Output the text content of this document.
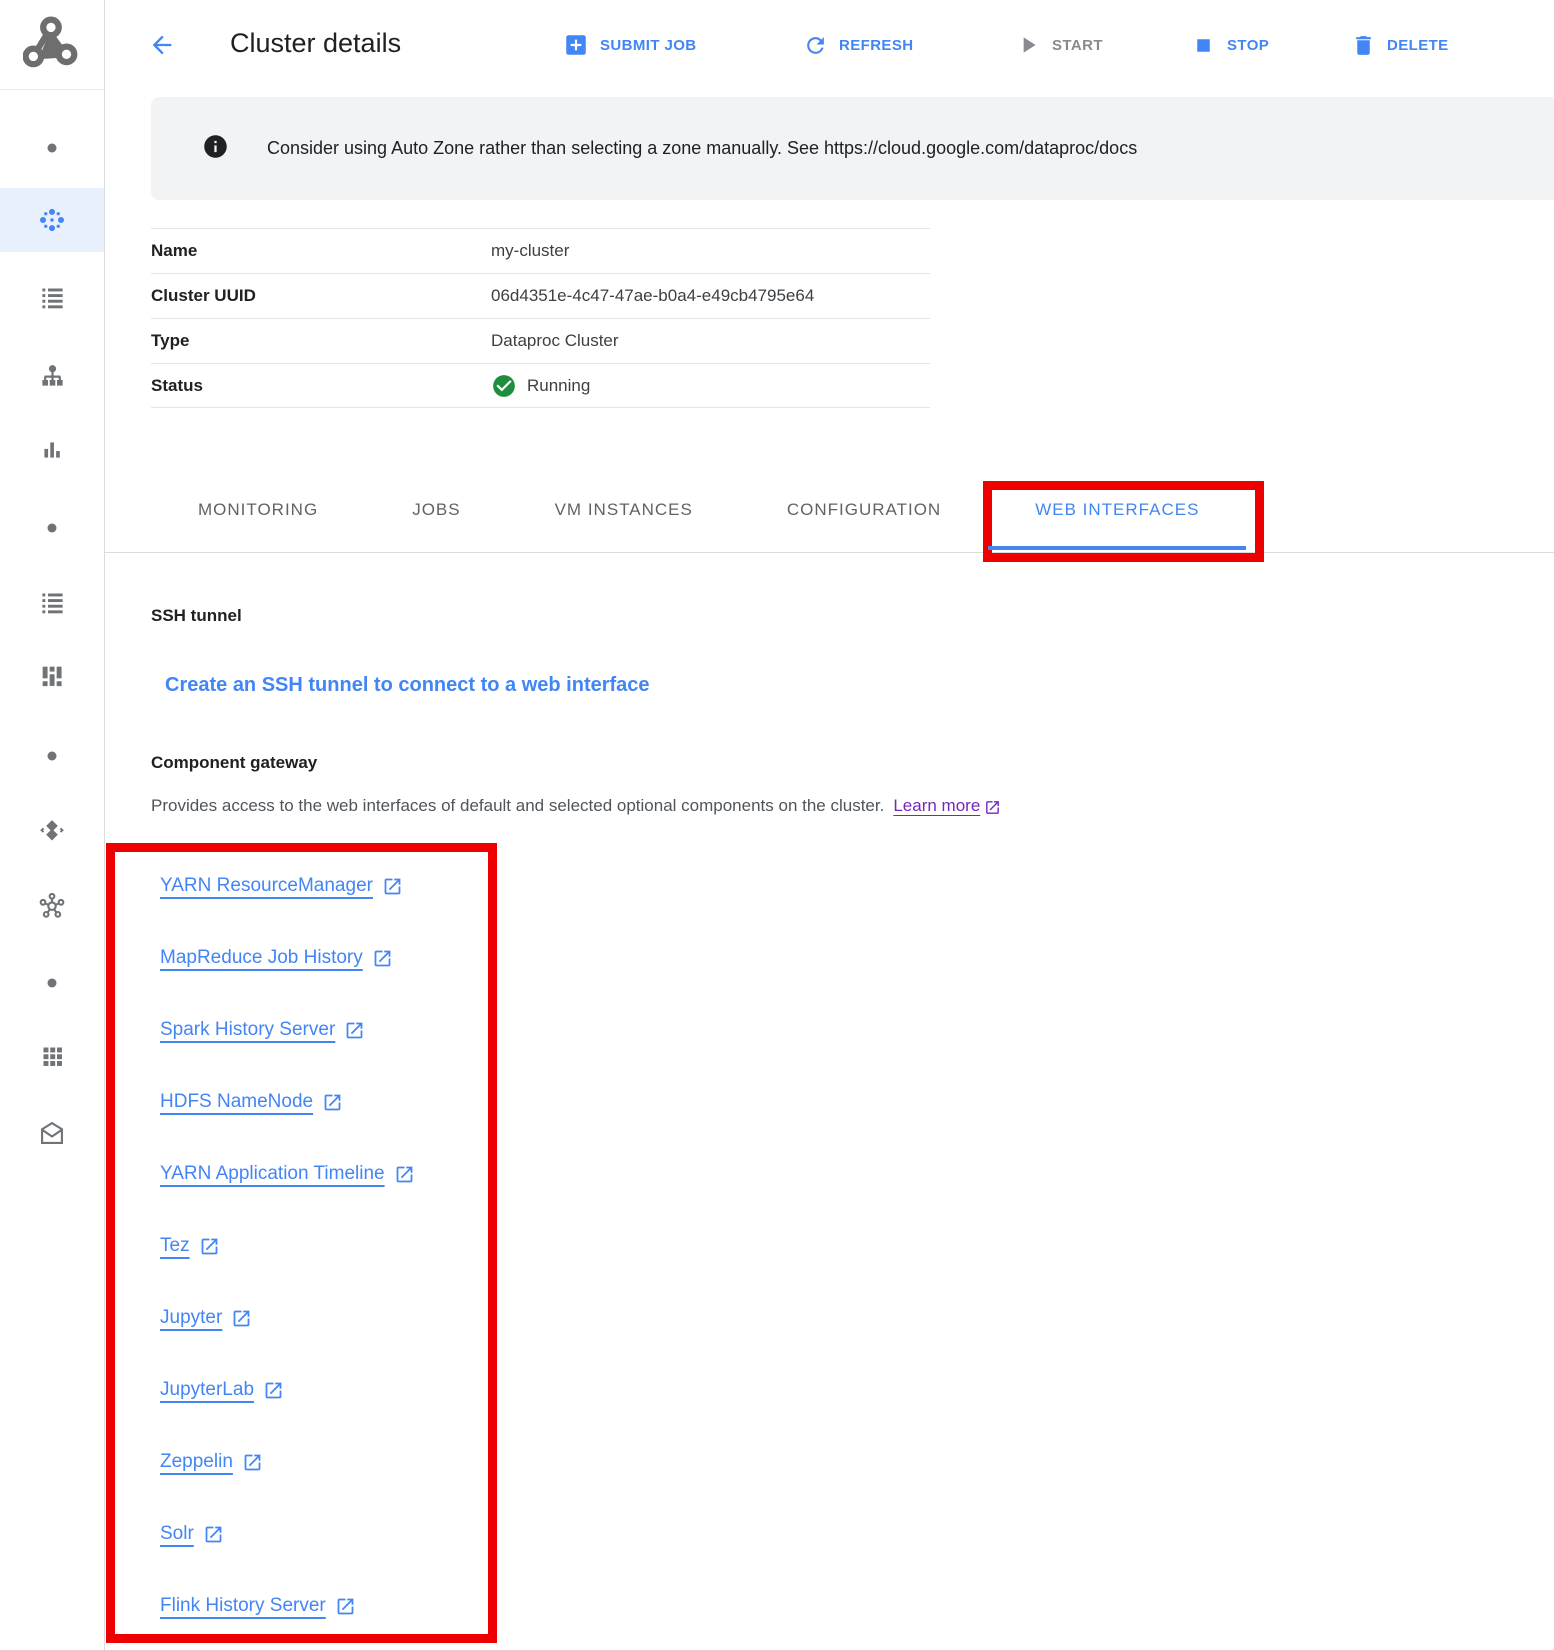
Cluster details	SUBMIT JOB	REFRESH	START	STOP	DELETE
Consider using Auto Zone rather than selecting a zone manually. See https://cloud.google.com/dataproc/docs
Name	my-cluster
Cluster UUID	06d4351e-4c47-47ae-b0a4-e49cb4795e64
Type	Dataproc Cluster
Status	Running
MONITORING	JOBS	VM INSTANCES	CONFIGURATION	WEB INTERFACES
SSH tunnel
Create an SSH tunnel to connect to a web interface
Component gateway
Provides access to the web interfaces of default and selected optional components on the cluster. Learn more
YARN ResourceManager
MapReduce Job History
Spark History Server
HDFS NameNode
YARN Application Timeline
Tez
Jupyter
JupyterLab
Zeppelin
Solr
Flink History Server
